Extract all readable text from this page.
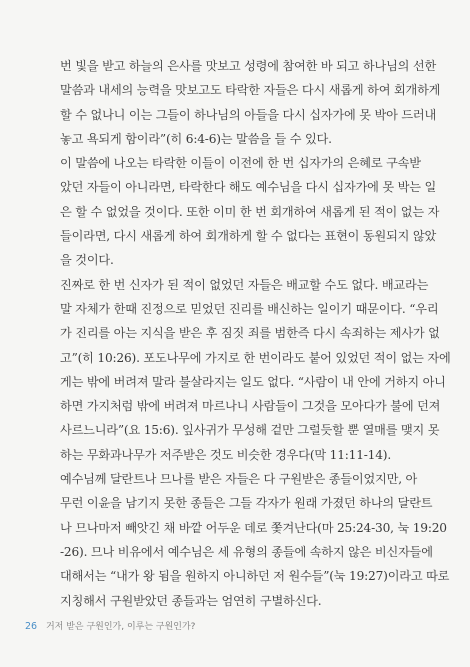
번 빛을 받고 하늘의 은사를 맛보고 성령에 참여한 바 되고 하나님의 선한
말씀과 내세의 능력을 맛보고도 타락한 자들은 다시 새롭게 하여 회개하게
할 수 없나니 이는 그들이 하나님의 아들을 다시 십자가에 못 박아 드러내
놓고 욕되게 함이라”(히 6:4-6)는 말씀을 들 수 있다.
이 말씀에 나오는 타락한 이들이 이전에 한 번 십자가의 은혜로 구속받
았던 자들이 아니라면, 타락한다 해도 예수님을 다시 십자가에 못 박는 일
은 할 수 없었을 것이다. 또한 이미 한 번 회개하여 새롭게 된 적이 없는 자
들이라면, 다시 새롭게 하여 회개하게 할 수 없다는 표현이 동원되지 않았
을 것이다.
진짜로 한 번 신자가 된 적이 없었던 자들은 배교할 수도 없다. 배교라는
말 자체가 한때 진정으로 믿었던 진리를 배신하는 일이기 때문이다. “우리
가 진리를 아는 지식을 받은 후 짐짓 죄를 범한즉 다시 속죄하는 제사가 없
고”(히 10:26). 포도나무에 가지로 한 번이라도 붙어 있었던 적이 없는 자에
게는 밖에 버려져 말라 불살라지는 일도 없다. “사람이 내 안에 거하지 아니
하면 가지처럼 밖에 버려져 마르나니 사람들이 그것을 모아다가 불에 던져
사르느니라”(요 15:6). 잎사귀가 무성해 겉만 그럴듯할 뿐 열매를 맺지 못
하는 무화과나무가 저주받은 것도 비슷한 경우다(막 11:11-14).
예수님께 달란트나 므나를 받은 자들은 다 구원받은 종들이었지만, 아
무런 이윤을 남기지 못한 종들은 그들 각자가 원래 가졌던 하나의 달란트
나 므나마저 빼앗긴 채 바깥 어두운 데로 쫓겨난다(마 25:24-30, 눅 19:20
-26). 므나 비유에서 예수님은 세 유형의 종들에 속하지 않은 비신자들에
대해서는 “내가 왕 됨을 원하지 아니하던 저 원수들”(눅 19:27)이라고 따로
지칭해서 구원받았던 종들과는 엄연히 구별하신다.
26 거저 받은 구원인가, 이루는 구원인가?
